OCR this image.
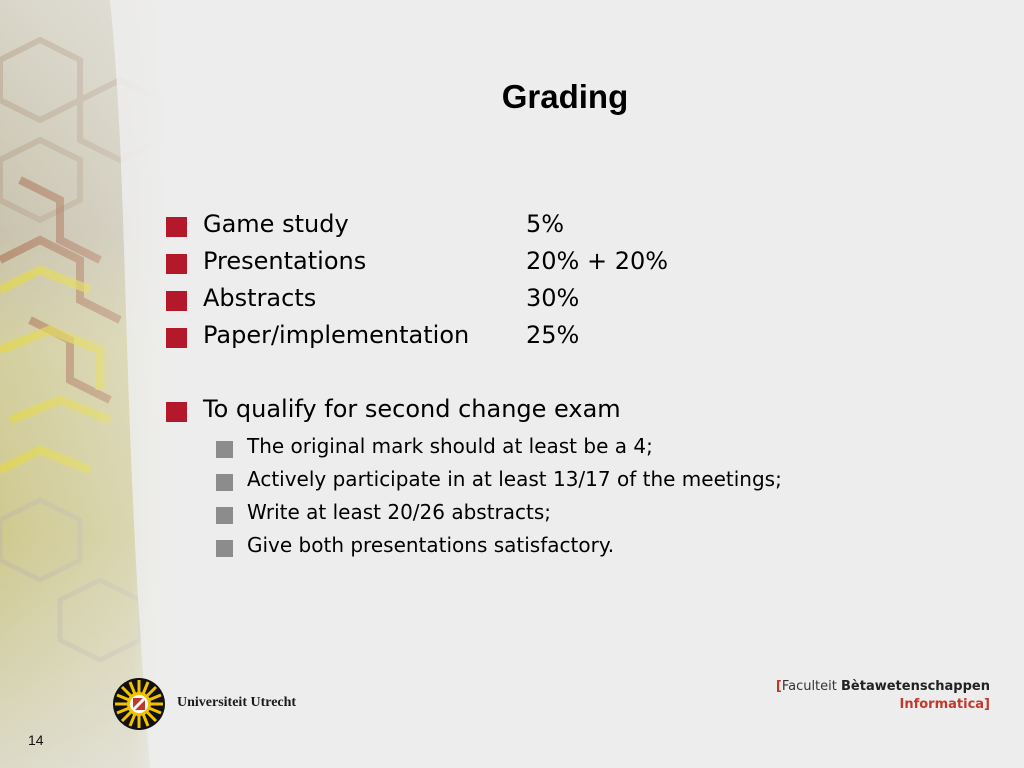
Grading
Game study	5%
Presentations	20% + 20%
Abstracts	30%
Paper/implementation 25%
To qualify for second change exam
The original mark should at least be a 4;
Actively participate in at least 13/17 of the meetings;
Write at least 20/26 abstracts;
Give both presentations satisfactory.
Universiteit Utrecht
[Faculteit Bètawetenschappen
Informatica]
14
